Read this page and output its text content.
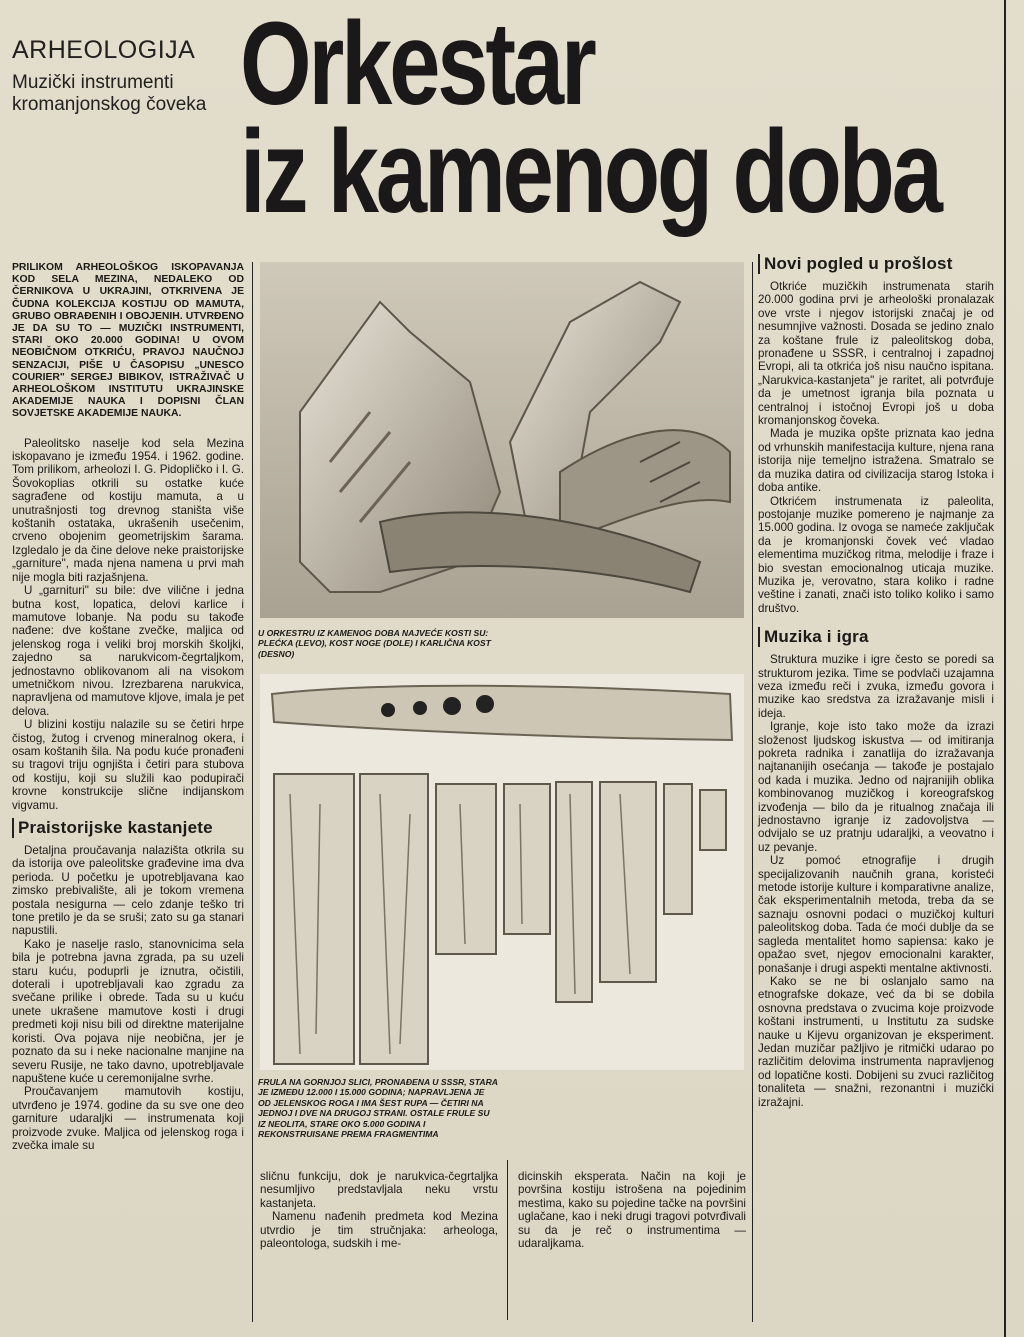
ARHEOLOGIJA
Muzički instrumenti kromanjonskog čoveka Orkestar
iz kamenog doba
PRILIKOM ARHEOLOŠKOG ISKOPAVANJA KOD SELA MEZINA, NEDALEKO OD ČERNIKOVA U UKRAJINI, OTKRIVENA JE ČUDNA KOLEKCIJA KOSTIJU OD MAMUTA, GRUBO OBRAĐENIH I OBOJENIH. UTVRĐENO JE DA SU TO — MUZIČKI INSTRUMENTI, STARI OKO 20.000 GODINA! U OVOM NEOBIČNOM OTKRIĆU, PRAVOJ NAUČNOJ SENZACIJI, PIŠE U ČASOPISU „UNESCO COURIER" SERGEJ BIBIKOV, ISTRAŽIVAČ U ARHEOLOŠKOM INSTITUTU UKRAJINSKE AKADEMIJE NAUKA I DOPISNI ČLAN SOVJETSKE AKADEMIJE NAUKA.

Paleolitsko naselje kod sela Mezina iskopavano je između 1954. i 1962. godine. Tom prilikom, arheolozi I. G. Pidopličko i I. G. Šovokoplias otkrili su ostatke kuće sagrađene od kostiju mamuta, a u unutrašnjosti tog drevnog staništa više koštanih ostataka, ukrašenih usečenim, crveno obojenim geometrijskim šarama. Izgledalo je da čine delove neke praistorijske „garniture", mada njena namena u prvi mah nije mogla biti razjašnjena.

U „garnituri" su bile: dve vilične i jedna butna kost, lopatica, delovi karlice i mamutove lobanje. Na podu su takođe nađene: dve koštane zvečke, maljica od jelenskog roga i veliki broj morskih školjki, zajedno sa narukvicom-čegrtaljkom, jednostavno oblikovanom ali na visokom umetničkom nivou. Izrezbarena narukvica, napravljena od mamutove kljove, imala je pet delova.

U blizini kostiju nalazile su se četiri hrpe čistog, žutog i crvenog mineralnog okera, i osam koštanih šila. Na podu kuće pronađeni su tragovi triju ognjišta i četiri para stubova od kostiju, koji su služili kao podupirači krovne konstrukcije slične indijanskom vigvamu.

Praistorijske kastanjete

Detaljna proučavanja nalazišta otkrila su da istorija ove paleolitske građevine ima dva perioda. U početku je upotrebljavana kao zimsko prebivalište, ali je tokom vremena postala nesigurna — celo zdanje teško tri tone pretilo je da se sruši; zato su ga stanari napustili.

Kako je naselje raslo, stanovnicima sela bila je potrebna javna zgrada, pa su uzeli staru kuću, poduprli je iznutra, očistili, doterali i upotrebljavali kao zgradu za svečane prilike i obrede. Tada su u kuću unete ukrašene mamutove kosti i drugi predmeti koji nisu bili od direktne materijalne koristi. Ova pojava nije neobična, jer je poznato da su i neke nacionalne manjine na severu Rusije, ne tako davno, upotrebljavale napuštene kuće u ceremonijalne svrhe.

Proučavanjem mamutovih kostiju, utvrđeno je 1974. godine da su sve one deo garniture udaraljki — instrumenata koji proizvode zvuke. Maljica od jelenskog roga i zvečka imale su

U ORKESTRU IZ KAMENOG DOBA NAJVEĆE KOSTI SU: PLEĆKA (LEVO), KOST NOGE (DOLE) I KARLIČNA KOST (DESNO)
FRULA NA GORNJOJ SLICI, PRONAĐENA U SSSR, STARA JE IZMEĐU 12.000 I 15.000 GODINA; NAPRAVLJENA JE OD JELENSKOG ROGA I IMA ŠEST RUPA — ČETIRI NA JEDNOJ I DVE NA DRUGOJ STRANI. OSTALE FRULE SU IZ NEOLITA, STARE OKO 5.000 GODINA I REKONSTRUISANE PREMA FRAGMENTIMA

sličnu funkciju, dok je narukvica-čegrtaljka nesumljivo predstavljala neku vrstu kastanjeta.

Namenu nađenih predmeta kod Mezina utvrdio je tim stručnjaka: arheologa, paleontologa, sudskih i me-

dicinskih eksperata. Način na koji je površina kostiju istrošena na pojedinim mestima, kako su pojedine tačke na površini uglačane, kao i neki drugi tragovi potvrđivali su da je reč o instrumentima — udaraljkama.

Novi pogled u prošlost

Otkriće muzičkih instrumenata starih 20.000 godina prvi je arheološki pronalazak ove vrste i njegov istorijski značaj je od nesumnjive važnosti. Dosada se jedino znalo za koštane frule iz paleolitskog doba, pronađene u SSSR, i centralnoj i zapadnoj Evropi, ali ta otkrića još nisu naučno ispitana. „Narukvica-kastanjeta" je raritet, ali potvrđuje da je umetnost igranja bila poznata u centralnoj i istočnoj Evropi još u doba kromanjonskog čoveka.

Mada je muzika opšte priznata kao jedna od vrhunskih manifestacija kulture, njena rana istorija nije temeljno istražena. Smatralo se da muzika datira od civilizacija starog Istoka i doba antike.

Otkrićem instrumenata iz paleolita, postojanje muzike pomereno je najmanje za 15.000 godina. Iz ovoga se nameće zaključak da je kromanjonski čovek već vladao elementima muzičkog ritma, melodije i fraze i bio svestan emocionalnog uticaja muzike. Muzika je, verovatno, stara koliko i radne veštine i zanati, znači isto toliko koliko i samo društvo.

Muzika i igra

Struktura muzike i igre često se poredi sa strukturom jezika. Time se podvlači uzajamna veza između reči i zvuka, između govora i muzike kao sredstva za izražavanje misli i ideja.

Igranje, koje isto tako može da izrazi složenost ljudskog iskustva — od imitiranja pokreta radnika i zanatlija do izražavanja najtananijih osećanja — takođe je postajalo od kada i muzika. Jedno od najranijih oblika kombinovanog muzičkog i koreografskog izvođenja — bilo da je ritualnog značaja ili jednostavno igranje iz zadovoljstva — odvijalo se uz pratnju udaraljki, a veovatno i uz pevanje.

Uz pomoć etnografije i drugih specijalizovanih naučnih grana, koristeći metode istorije kulture i komparativne analize, čak eksperimentalnih metoda, treba da se saznaju osnovni podaci o muzičkoj kulturi paleolitskog doba. Tada će moći dublje da se sagleda mentalitet homo sapiensa: kako je opažao svet, njegov emocionalni karakter, ponašanje i drugi aspekti mentalne aktivnosti.

Kako se ne bi oslanjalo samo na etnografske dokaze, već da bi se dobila osnovna predstava o zvucima koje proizvode koštani instrumenti, u Institutu za sudske nauke u Kijevu organizovan je eksperiment. Jedan muzičar pažljivo je ritmički udarao po različitim delovima instrumenta napravljenog od lopatične kosti. Dobijeni su zvuci različitog tonaliteta — snažni, rezonantni i muzički izražajni.
